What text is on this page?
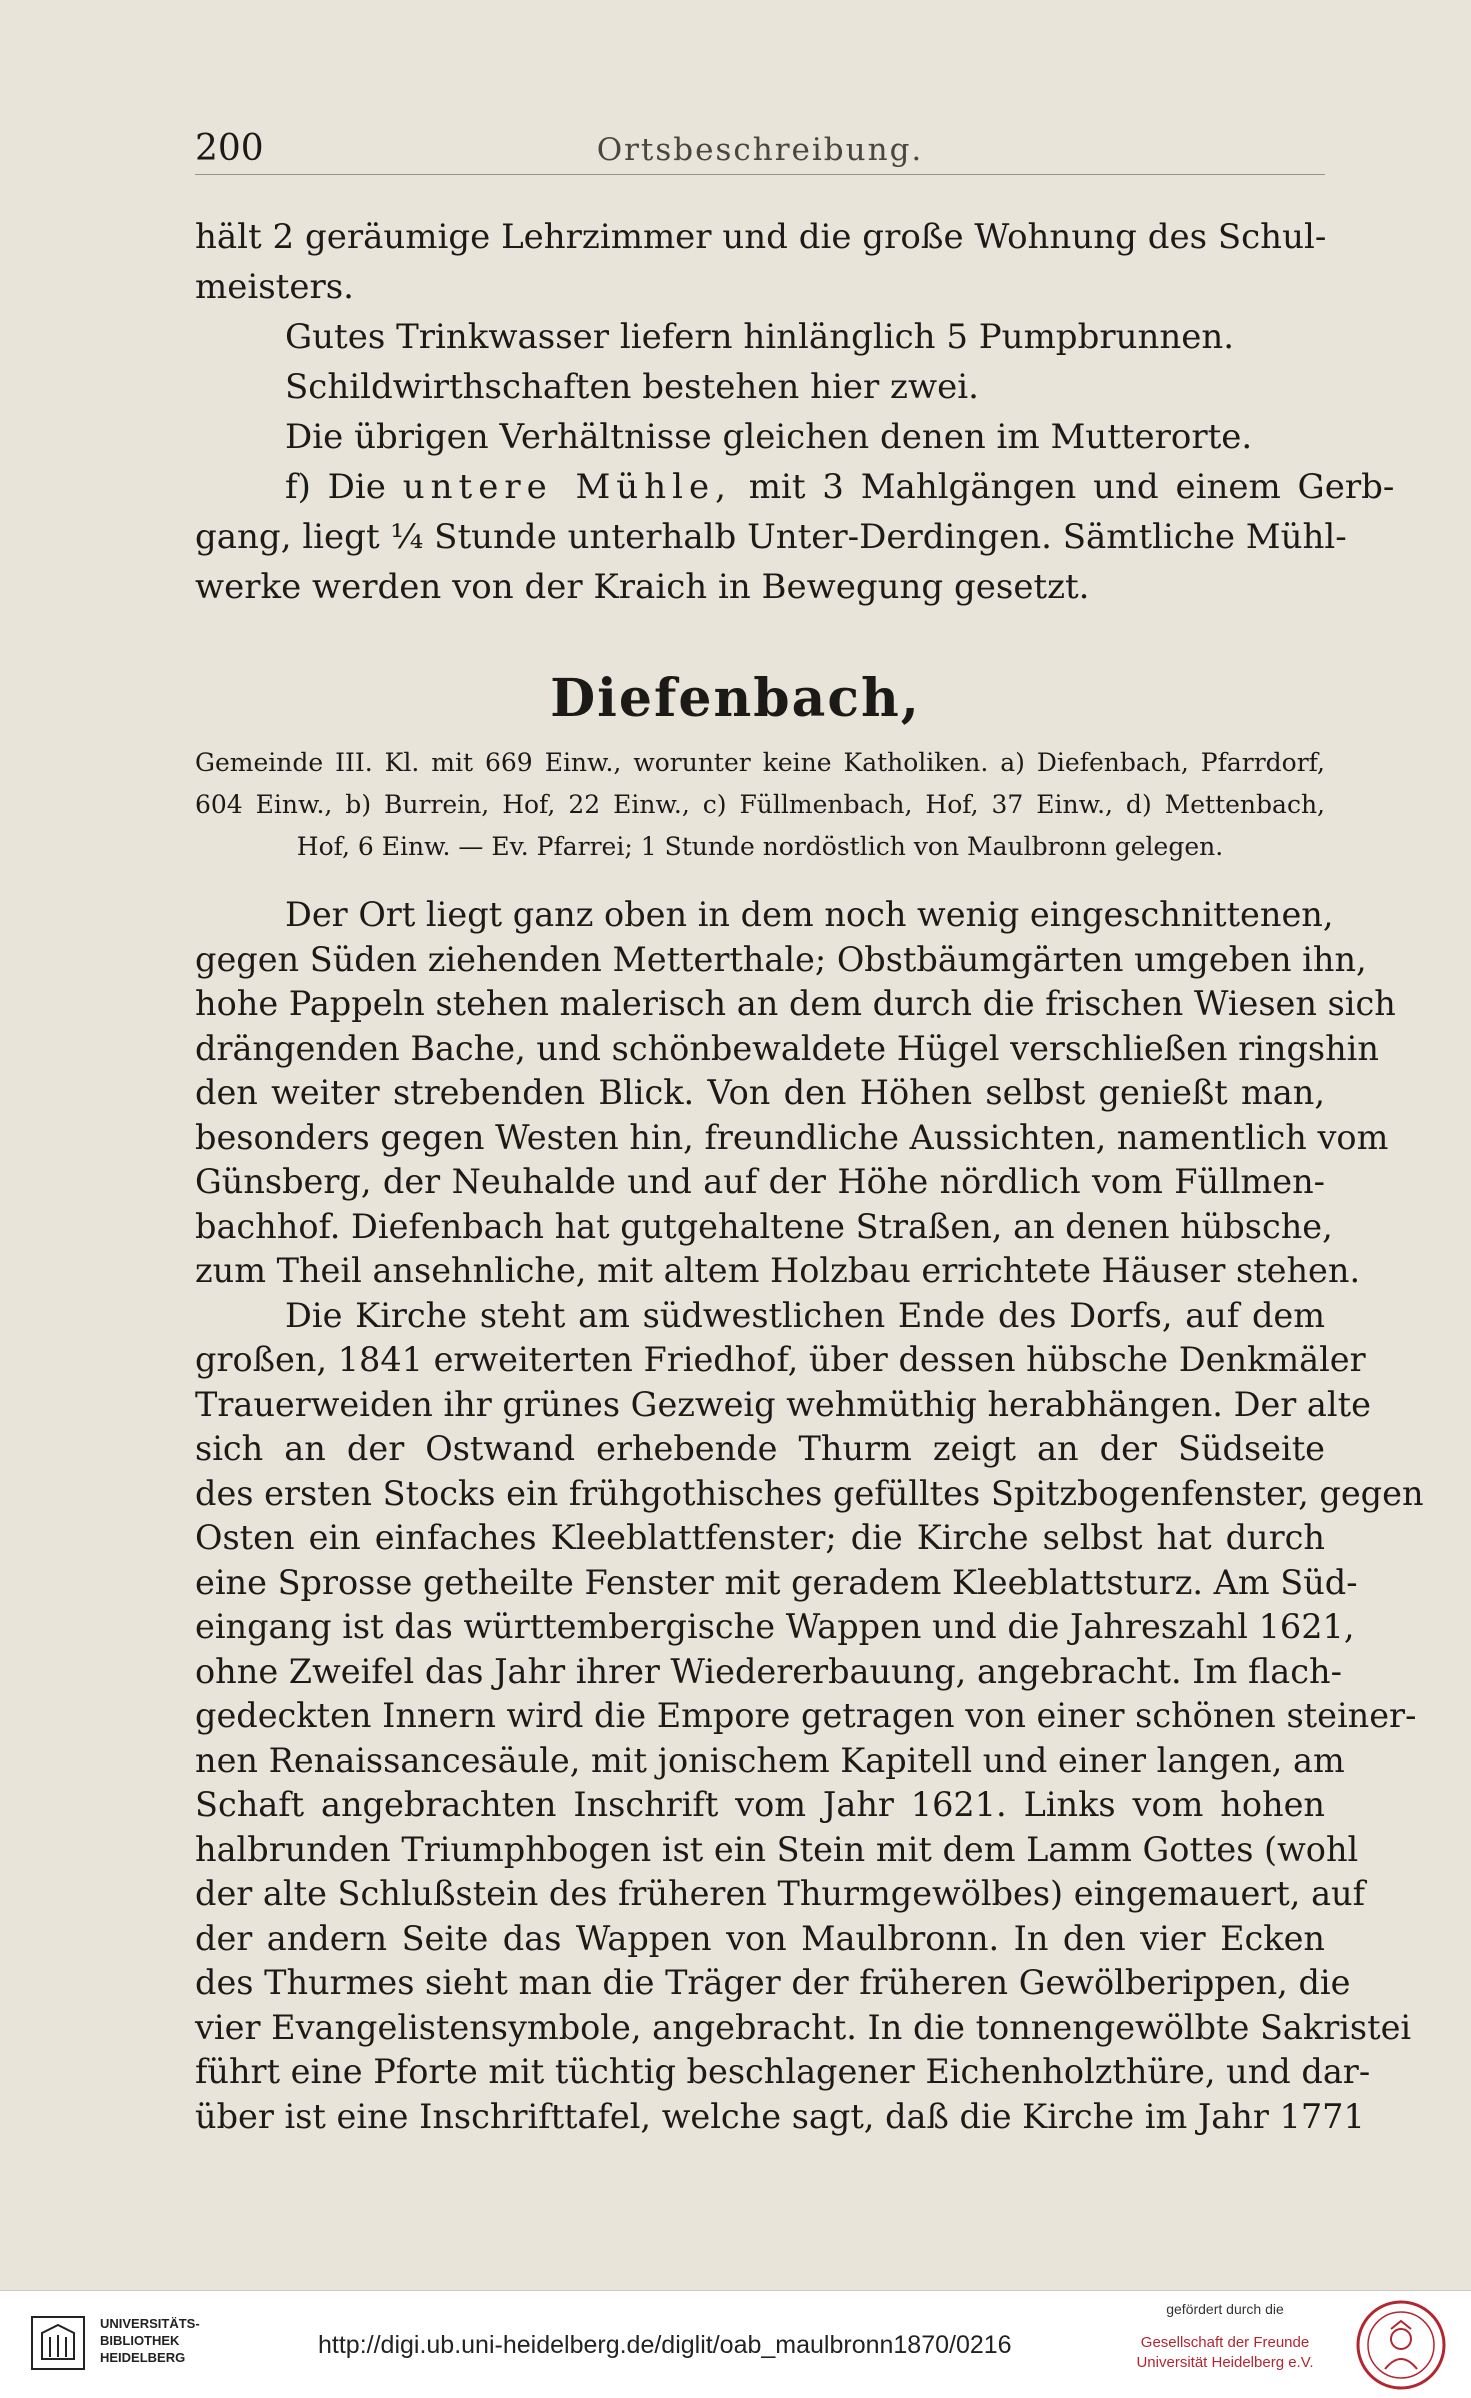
200	Ortsbeschreibung.
hält 2 geräumige Lehrzimmer und die große Wohnung des Schul-
meisters.
Gutes Trinkwasser liefern hinlänglich 5 Pumpbrunnen.
Schildwirthschaften bestehen hier zwei.
Die übrigen Verhältnisse gleichen denen im Mutterorte.
f) Die untere Mühle, mit 3 Mahlgängen und einem Gerb-
gang, liegt ¼ Stunde unterhalb Unter-Derdingen. Sämtliche Mühl-
werke werden von der Kraich in Bewegung gesetzt.
Diefenbach,
Gemeinde III. Kl. mit 669 Einw., worunter keine Katholiken. a) Diefenbach, Pfarrdorf,
604 Einw., b) Burrein, Hof, 22 Einw., c) Füllmenbach, Hof, 37 Einw., d) Mettenbach,
Hof, 6 Einw. — Ev. Pfarrei; 1 Stunde nordöstlich von Maulbronn gelegen.
Der Ort liegt ganz oben in dem noch wenig eingeschnittenen,
gegen Süden ziehenden Metterthale; Obstbäumgärten umgeben ihn,
hohe Pappeln stehen malerisch an dem durch die frischen Wiesen sich
drängenden Bache, und schönbewaldete Hügel verschließen ringshin
den weiter strebenden Blick. Von den Höhen selbst genießt man,
besonders gegen Westen hin, freundliche Aussichten, namentlich vom
Günsberg, der Neuhalde und auf der Höhe nördlich vom Füllmen-
bachhof. Diefenbach hat gutgehaltene Straßen, an denen hübsche,
zum Theil ansehnliche, mit altem Holzbau errichtete Häuser stehen.
Die Kirche steht am südwestlichen Ende des Dorfs, auf dem
großen, 1841 erweiterten Friedhof, über dessen hübsche Denkmäler
Trauerweiden ihr grünes Gezweig wehmüthig herabhängen. Der alte
sich an der Ostwand erhebende Thurm zeigt an der Südseite
des ersten Stocks ein frühgothisches gefülltes Spitzbogenfenster, gegen
Osten ein einfaches Kleeblattfenster; die Kirche selbst hat durch
eine Sprosse getheilte Fenster mit geradem Kleeblattsturz. Am Süd-
eingang ist das württembergische Wappen und die Jahreszahl 1621,
ohne Zweifel das Jahr ihrer Wiedererbauung, angebracht. Im flach-
gedeckten Innern wird die Empore getragen von einer schönen steiner-
nen Renaissancesäule, mit jonischem Kapitell und einer langen, am
Schaft angebrachten Inschrift vom Jahr 1621. Links vom hohen
halbrunden Triumphbogen ist ein Stein mit dem Lamm Gottes (wohl
der alte Schlußstein des früheren Thurmgewölbes) eingemauert, auf
der andern Seite das Wappen von Maulbronn. In den vier Ecken
des Thurmes sieht man die Träger der früheren Gewölberippen, die
vier Evangelistensymbole, angebracht. In die tonnengewölbte Sakristei
führt eine Pforte mit tüchtig beschlagener Eichenholzthüre, und dar-
über ist eine Inschrifttafel, welche sagt, daß die Kirche im Jahr 1771
UNIVERSITÄTS-
BIBLIOTHEK
HEIDELBERG	http://digi.ub.uni-heidelberg.de/diglit/oab_maulbronn1870/0216
gefördert durch die
Gesellschaft der Freunde
Universität Heidelberg e.V.
